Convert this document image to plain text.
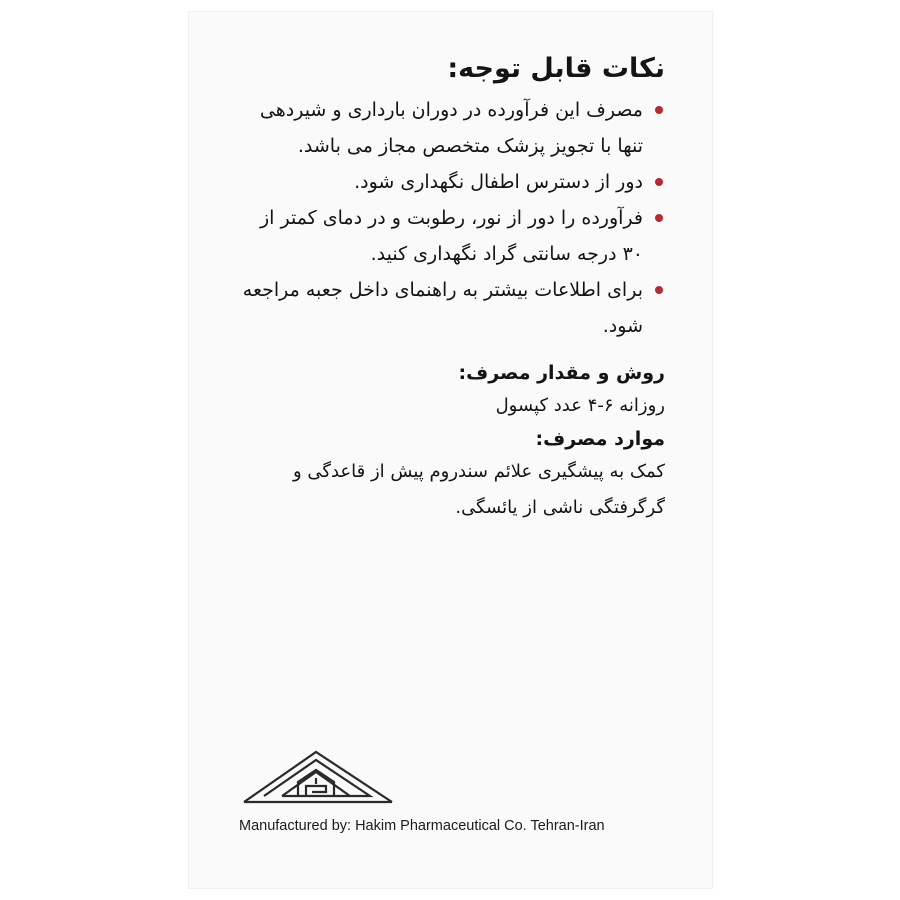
نکات قابل توجه:
مصرف این فرآورده در دوران بارداری و شیردهی تنها با تجویز پزشک متخصص مجاز می باشد.
دور از دسترس اطفال نگهداری شود.
فرآورده را دور از نور، رطوبت و در دمای کمتر از ۳۰ درجه سانتی گراد نگهداری کنید.
برای اطلاعات بیشتر به راهنمای داخل جعبه مراجعه شود.
روش و مقدار مصرف:
روزانه ۶-۴ عدد کپسول
موارد مصرف:
کمک به پیشگیری علائم سندروم پیش از قاعدگی و گرگرفتگی ناشی از یائسگی.
Manufactured by: Hakim Pharmaceutical Co. Tehran-Iran
